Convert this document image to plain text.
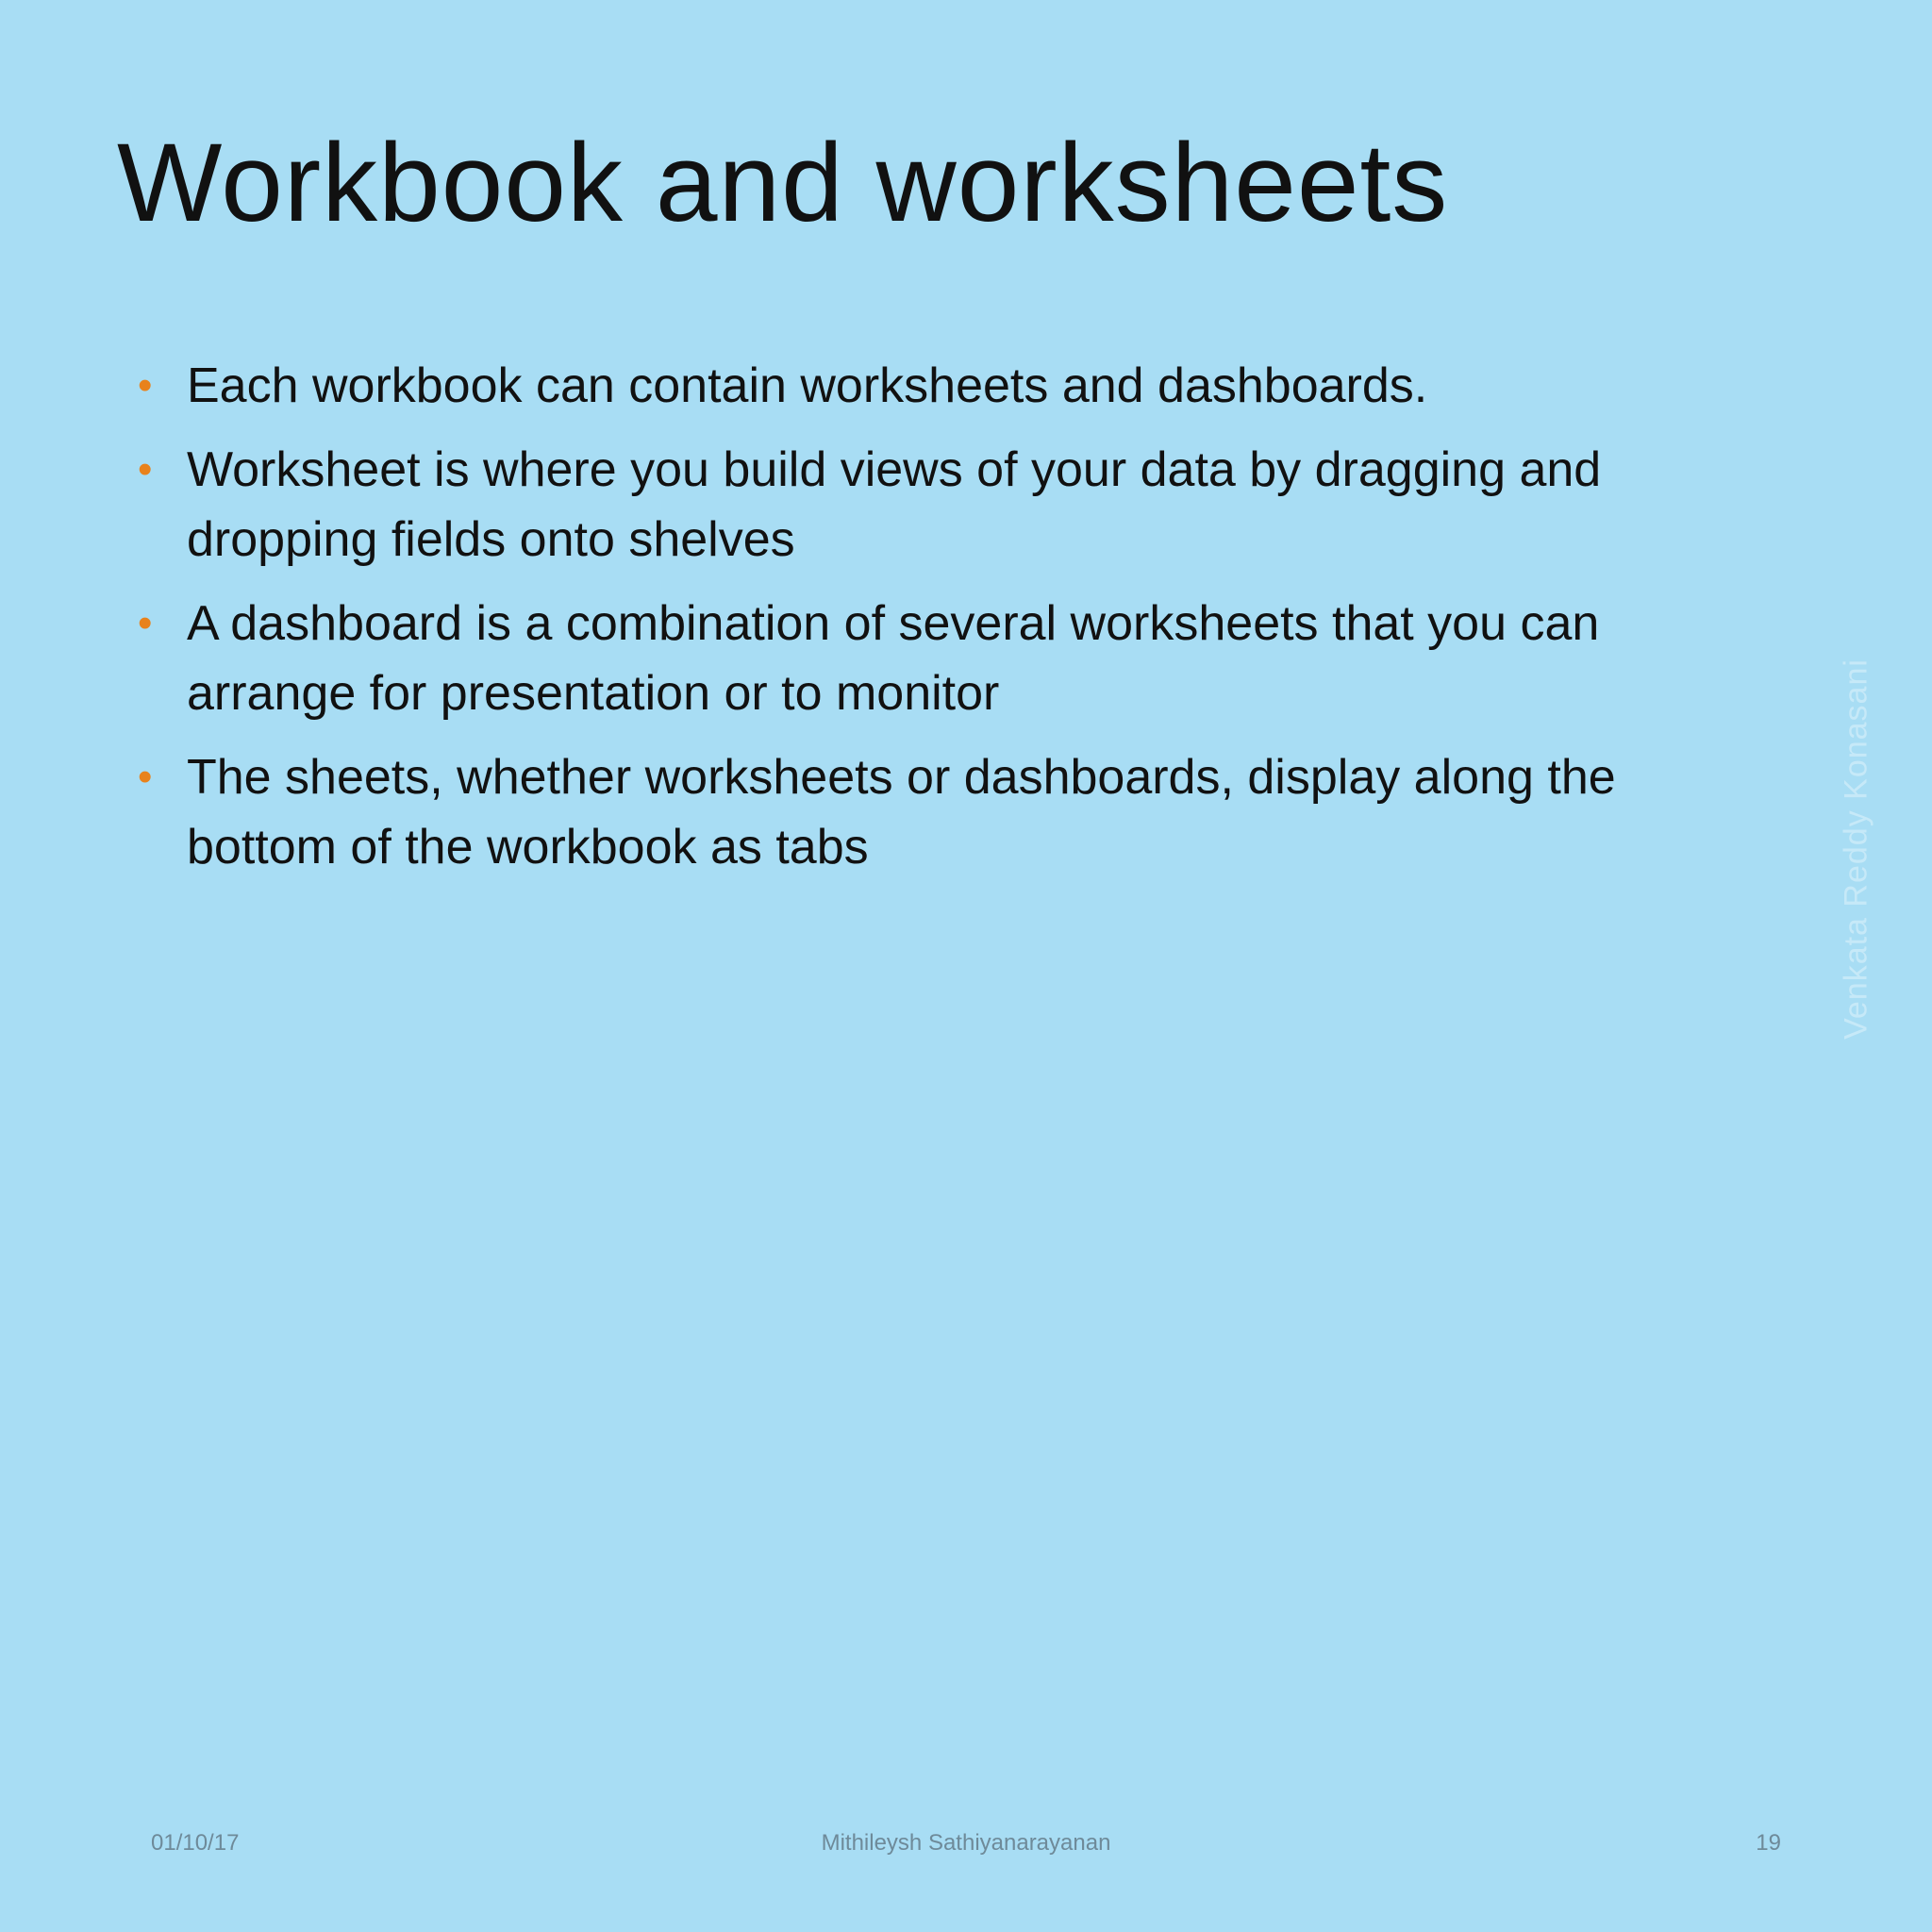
Workbook and worksheets
• Each workbook can contain worksheets and dashboards.
• Worksheet is where you build views of your data by dragging and dropping fields onto shelves
• A dashboard is a combination of several worksheets that you can arrange for presentation or to monitor
• The sheets, whether worksheets or dashboards, display along the bottom of the workbook as tabs	Venkata Reddy Konasani
01/10/17	Mithileysh Sathiyanarayanan	19
